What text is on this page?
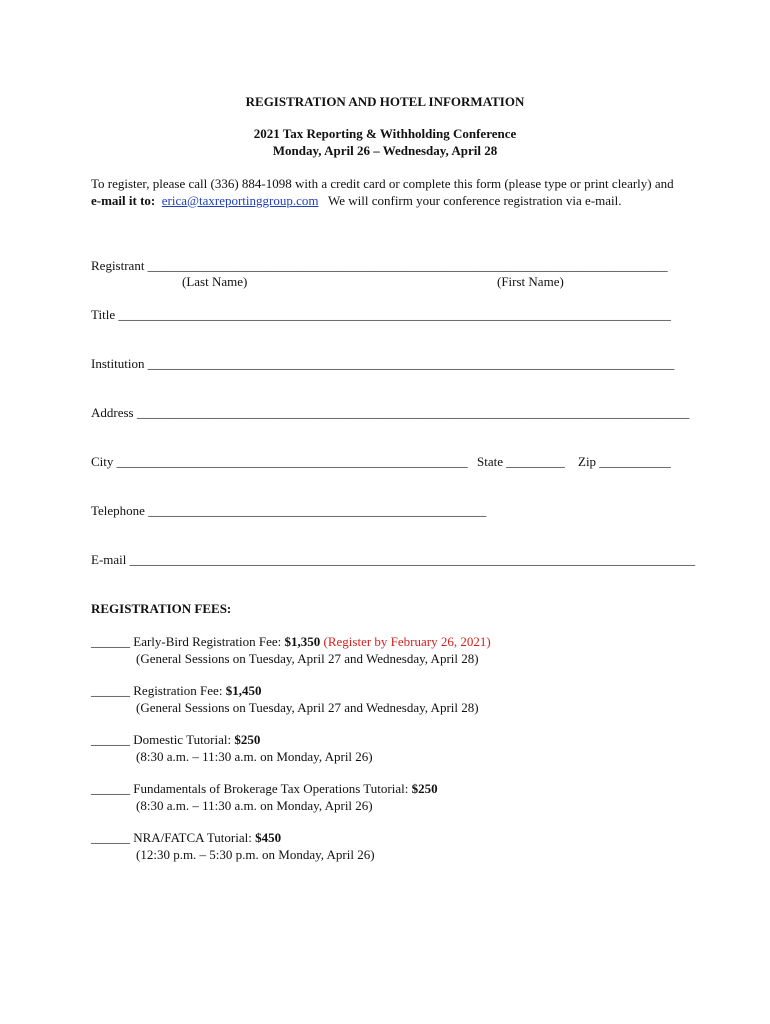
REGISTRATION AND HOTEL INFORMATION
2021 Tax Reporting & Withholding Conference
Monday, April 26 – Wednesday, April 28
To register, please call (336) 884-1098 with a credit card or complete this form (please type or print clearly) and e-mail it to: erica@taxreportinggroup.com We will confirm your conference registration via e-mail.
Registrant ________________________________________________________________________________
(Last Name)	(First Name)
Title _____________________________________________________________________________________
Institution _________________________________________________________________________________
Address _____________________________________________________________________________________
City ______________________________________________________ State _________ Zip ___________
Telephone ____________________________________________________
E-mail _______________________________________________________________________________________
REGISTRATION FEES:
______ Early-Bird Registration Fee: $1,350 (Register by February 26, 2021)
(General Sessions on Tuesday, April 27 and Wednesday, April 28)
______ Registration Fee: $1,450
(General Sessions on Tuesday, April 27 and Wednesday, April 28)
______ Domestic Tutorial: $250
(8:30 a.m. – 11:30 a.m. on Monday, April 26)
______ Fundamentals of Brokerage Tax Operations Tutorial: $250
(8:30 a.m. – 11:30 a.m. on Monday, April 26)
______ NRA/FATCA Tutorial: $450
(12:30 p.m. – 5:30 p.m. on Monday, April 26)
